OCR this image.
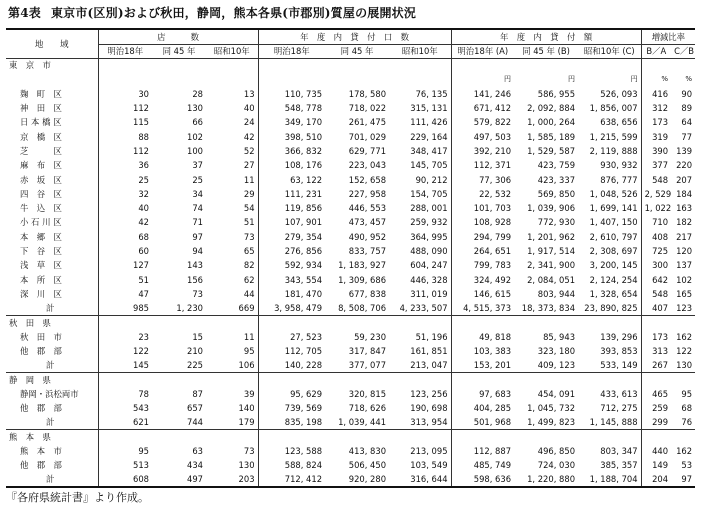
第4表 東京市(区別)および秋田，静岡，熊本各県(市郡別)質屋の展開状況
地　　域	店　　　数			年　度　内　貸　付　口　数			年　度　内　貸　付　額			増減比率	
	明治18年	同 45 年	昭和10年	明治18年	同 45 年	昭和10年	明治18年 (A)	同 45 年 (B)	昭和10年 (C)	B／A	C／B
東　京　市											
							円	円	円	%	%
麹　町　区	30	28	13	110, 735	178, 580	76, 135	141, 246	586, 955	526, 093	416	90
神　田　区	112	130	40	548, 778	718, 022	315, 131	671, 412	2, 092, 884	1, 856, 007	312	89
日 本 橋 区	115	66	24	349, 170	261, 475	111, 426	579, 822	1, 000, 264	638, 656	173	64
京　橋　区	88	102	42	398, 510	701, 029	229, 164	497, 503	1, 585, 189	1, 215, 599	319	77
芝　　　区	112	100	52	366, 832	629, 771	348, 417	392, 210	1, 529, 587	2, 119, 888	390	139
麻　布　区	36	37	27	108, 176	223, 043	145, 705	112, 371	423, 759	930, 932	377	220
赤　坂　区	25	25	11	63, 122	152, 658	90, 212	77, 306	423, 337	876, 777	548	207
四　谷　区	32	34	29	111, 231	227, 958	154, 705	22, 532	569, 850	1, 048, 526	2, 529	184
牛　込　区	40	74	54	119, 856	446, 553	288, 001	101, 703	1, 039, 906	1, 699, 141	1, 022	163
小 石 川 区	42	71	51	107, 901	473, 457	259, 932	108, 928	772, 930	1, 407, 150	710	182
本　郷　区	68	97	73	279, 354	490, 952	364, 995	294, 799	1, 201, 962	2, 610, 797	408	217
下　谷　区	60	94	65	276, 856	833, 757	488, 090	264, 651	1, 917, 514	2, 308, 697	725	120
浅　草　区	127	143	82	592, 934	1, 183, 927	604, 247	799, 783	2, 341, 900	3, 200, 145	300	137
本　所　区	51	156	62	343, 554	1, 309, 686	446, 328	324, 492	2, 084, 051	2, 124, 254	642	102
深　川　区	47	73	44	181, 470	677, 838	311, 019	146, 615	803, 944	1, 328, 654	548	165
計	985	1, 230	669	3, 958, 479	8, 508, 706	4, 233, 507	4, 515, 373	18, 373, 834	23, 890, 825	407	123
秋　田　県											
秋　田　市	23	15	11	27, 523	59, 230	51, 196	49, 818	85, 943	139, 296	173	162
他　郡　部	122	210	95	112, 705	317, 847	161, 851	103, 383	323, 180	393, 853	313	122
計	145	225	106	140, 228	377, 077	213, 047	153, 201	409, 123	533, 149	267	130
静　岡　県											
静岡・浜松両市	78	87	39	95, 629	320, 815	123, 256	97, 683	454, 091	433, 613	465	95
他　郡　部	543	657	140	739, 569	718, 626	190, 698	404, 285	1, 045, 732	712, 275	259	68
計	621	744	179	835, 198	1, 039, 441	313, 954	501, 968	1, 499, 823	1, 145, 888	299	76
熊　本　県											
熊　本　市	95	63	73	123, 588	413, 830	213, 095	112, 887	496, 850	803, 347	440	162
他　郡　部	513	434	130	588, 824	506, 450	103, 549	485, 749	724, 030	385, 357	149	53
計	608	497	203	712, 412	920, 280	316, 644	598, 636	1, 220, 880	1, 188, 704	204	97
『各府県統計書』より作成。
